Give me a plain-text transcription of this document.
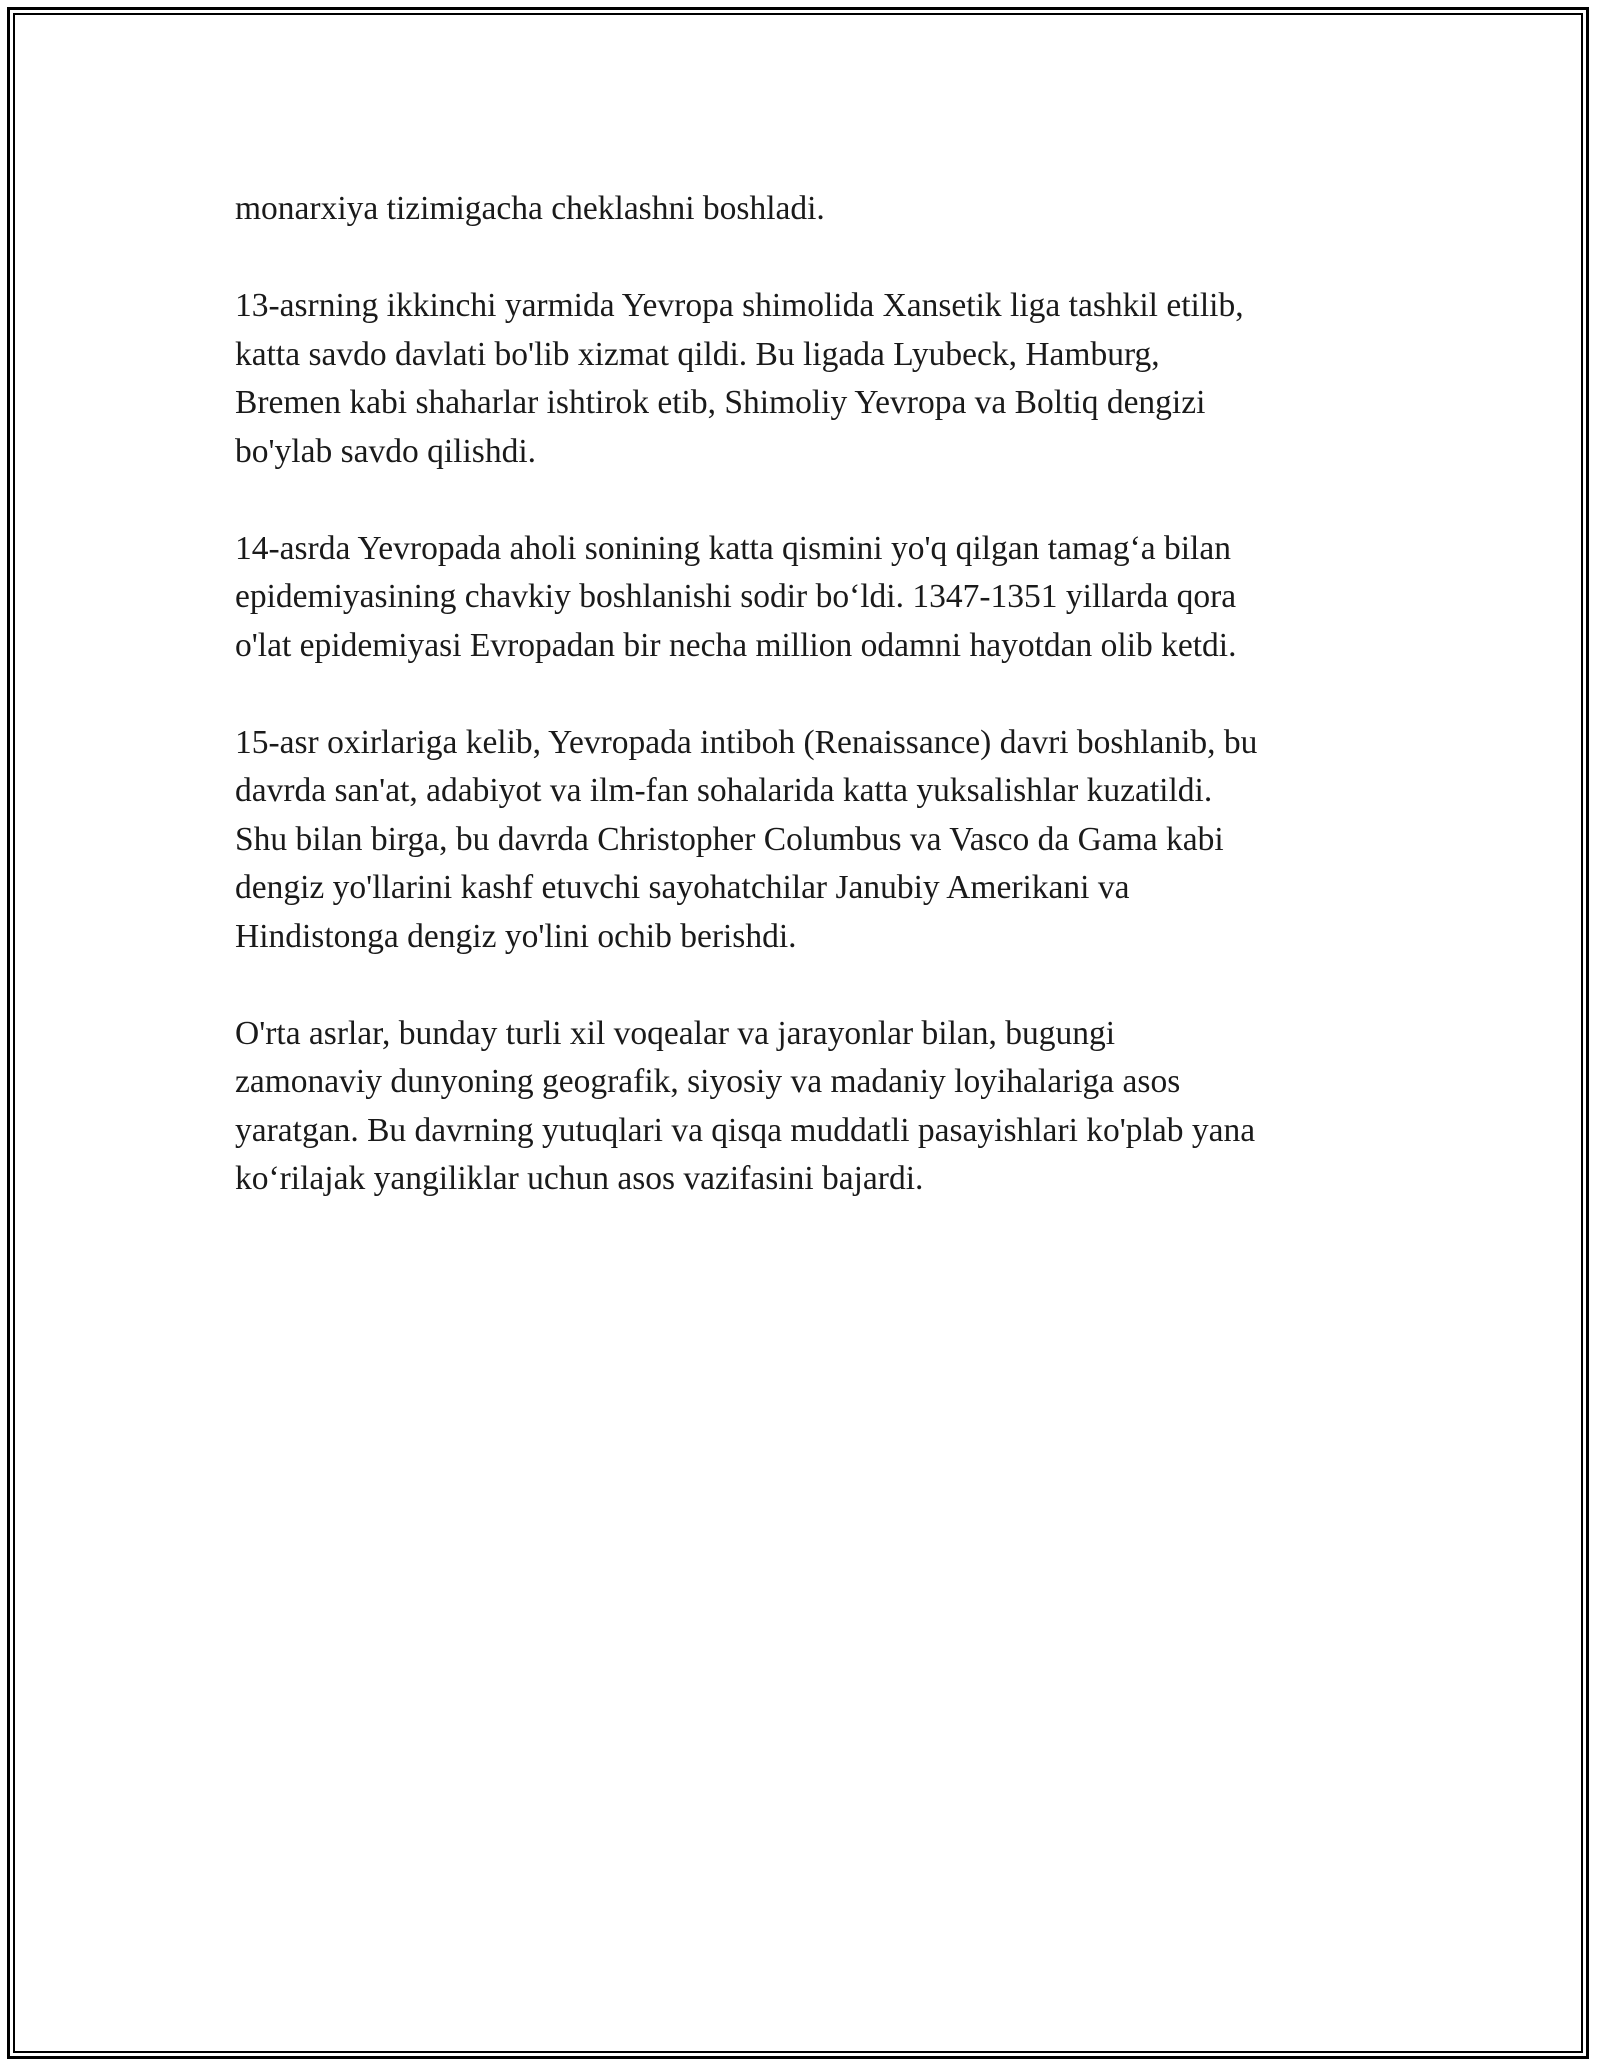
monarxiya tizimigacha cheklashni boshladi.

13-asrning ikkinchi yarmida Yevropa shimolida Xansetik liga tashkil etilib,
katta savdo davlati bo'lib xizmat qildi. Bu ligada Lyubeck, Hamburg,
Bremen kabi shaharlar ishtirok etib, Shimoliy Yevropa va Boltiq dengizi
bo'ylab savdo qilishdi.

14-asrda Yevropada aholi sonining katta qismini yo'q qilgan tamag‘a bilan
epidemiyasining chavkiy boshlanishi sodir bo‘ldi. 1347-1351 yillarda qora
o'lat epidemiyasi Evropadan bir necha million odamni hayotdan olib ketdi.

15-asr oxirlariga kelib, Yevropada intiboh (Renaissance) davri boshlanib, bu
davrda san'at, adabiyot va ilm-fan sohalarida katta yuksalishlar kuzatildi.
Shu bilan birga, bu davrda Christopher Columbus va Vasco da Gama kabi
dengiz yo'llarini kashf etuvchi sayohatchilar Janubiy Amerikani va
Hindistonga dengiz yo'lini ochib berishdi.

O'rta asrlar, bunday turli xil voqealar va jarayonlar bilan, bugungi
zamonaviy dunyoning geografik, siyosiy va madaniy loyihalariga asos
yaratgan. Bu davrning yutuqlari va qisqa muddatli pasayishlari ko'plab yana
ko‘rilajak yangiliklar uchun asos vazifasini bajardi.
